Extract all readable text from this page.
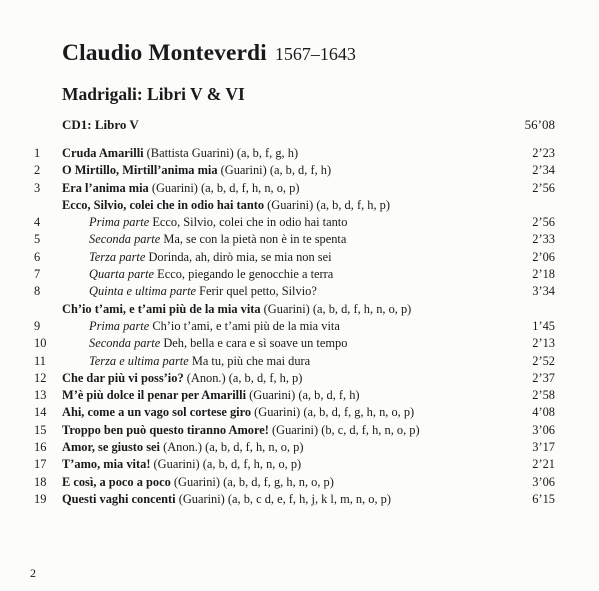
Claudio Monteverdi 1567–1643
Madrigali: Libri V & VI
CD1: Libro V	56’08
1	Cruda Amarilli (Battista Guarini) (a, b, f, g, h)	2’23
2	O Mirtillo, Mirtill’anima mia (Guarini) (a, b, d, f, h)	2’34
3	Era l’anima mia (Guarini) (a, b, d, f, h, n, o, p)	2’56
Ecco, Silvio, colei che in odio hai tanto (Guarini) (a, b, d, f, h, p)
4	Prima parte Ecco, Silvio, colei che in odio hai tanto	2’56
5	Seconda parte Ma, se con la pietà non è in te spenta	2’33
6	Terza parte Dorinda, ah, dirò mia, se mia non sei	2’06
7	Quarta parte Ecco, piegando le genocchie a terra	2’18
8	Quinta e ultima parte Ferir quel petto, Silvio?	3’34
Ch’io t’ami, e t’ami più de la mia vita (Guarini) (a, b, d, f, h, n, o, p)
9	Prima parte Ch’io t’ami, e t’ami più de la mia vita	1’45
10	Seconda parte Deh, bella e cara e sì soave un tempo	2’13
11	Terza e ultima parte Ma tu, più che mai dura	2’52
12 Che dar più vi poss’io? (Anon.) (a, b, d, f, h, p)	2’37
13 M’è più dolce il penar per Amarilli (Guarini) (a, b, d, f, h)	2’58
14 Ahi, come a un vago sol cortese giro (Guarini) (a, b, d, f, g, h, n, o, p)	4’08
15 Troppo ben può questo tiranno Amore! (Guarini) (b, c, d, f, h, n, o, p)	3’06
16 Amor, se giusto sei (Anon.) (a, b, d, f, h, n, o, p)	3’17
17 T’amo, mia vita! (Guarini) (a, b, d, f, h, n, o, p)	2’21
18 E così, a poco a poco (Guarini) (a, b, d, f, g, h, n, o, p)	3’06
19 Questi vaghi concenti (Guarini) (a, b, c d, e, f, h, j, k l, m, n, o, p)	6’15
2
